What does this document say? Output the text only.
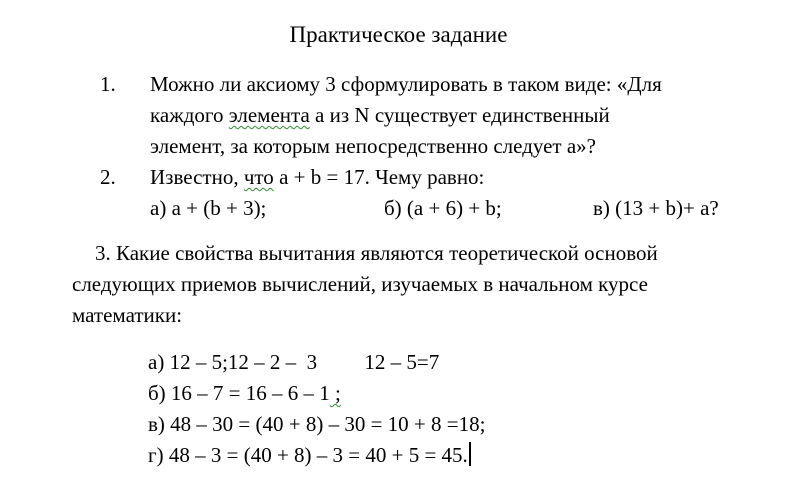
Практическое задание
1. Можно ли аксиому 3 сформулировать в таком виде: «Для
каждого элемента а из N существует единственный
элемент, за которым непосредственно следует а»?
2. Известно, что а + b = 17. Чему равно:
а) а + (b + 3);	б) (а + 6) + b;	в) (13 + b)+ а?
3. Какие свойства вычитания являются теоретической основой
следующих приемов вычислений, изучаемых в начальном курсе
математики:
а) 12 – 5;12 – 2 –  3         12 – 5=7
б) 16 – 7 = 16 – 6 – 1 ;
в) 48 – 30 = (40 + 8) – 30 = 10 + 8 =18;
г) 48 – 3 = (40 + 8) – 3 = 40 + 5 = 45.
